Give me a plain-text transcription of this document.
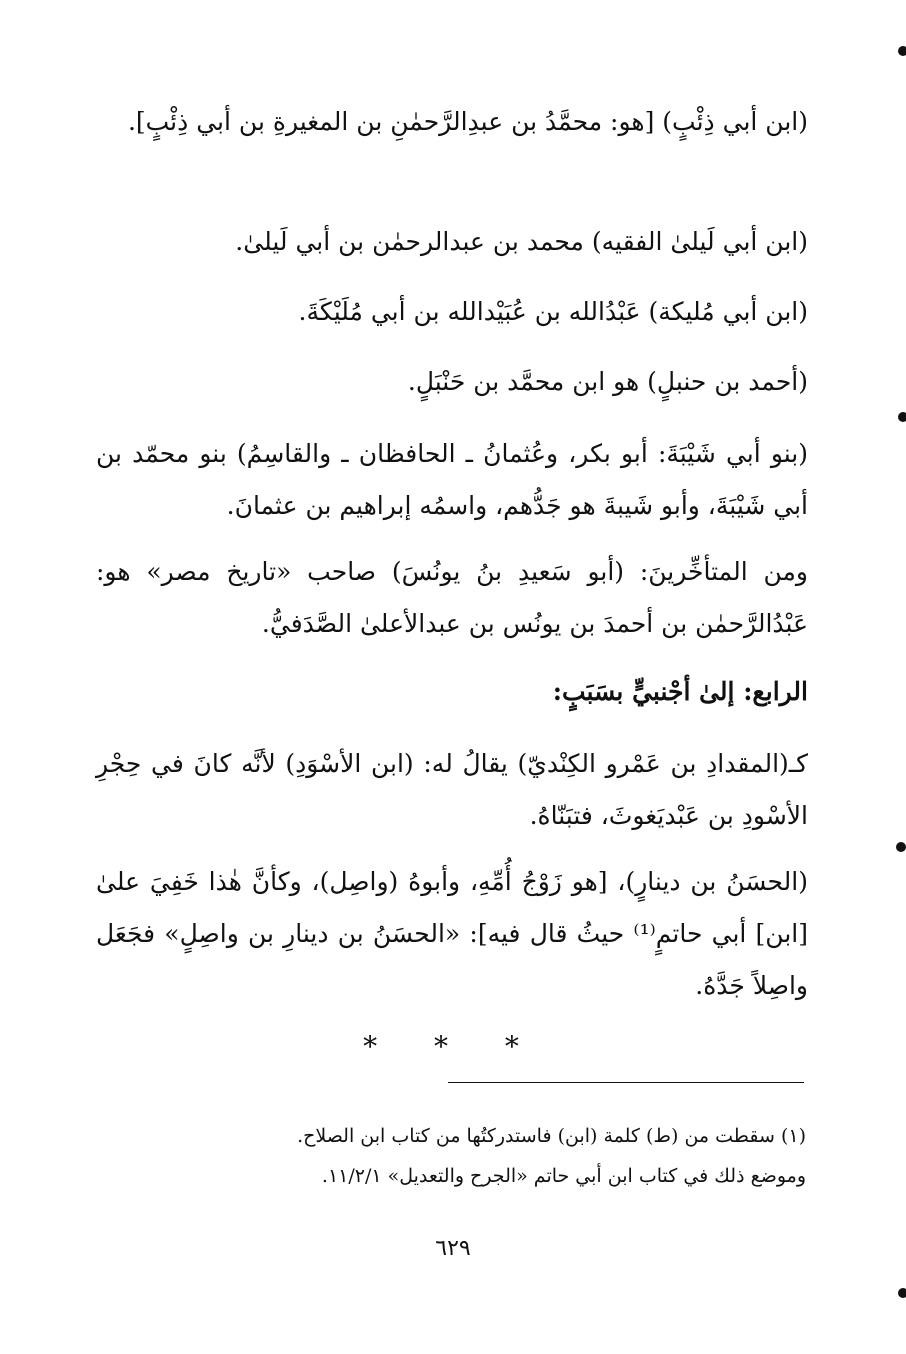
(ابن أبي ذِئْبٍ) [هو: محمَّدُ بن عبدِالرَّحمٰنِ بن المغيرةِ بن أبي ذِئْبٍ].

(ابن أبي لَيلىٰ الفقيه) محمد بن عبدالرحمٰن بن أبي لَيلىٰ.

(ابن أبي مُليكة) عَبْدُالله بن عُبَيْدالله بن أبي مُلَيْكَةَ.

(أحمد بن حنبلٍ) هو ابن محمَّد بن حَنْبَلٍ.

(بنو أبي شَيْبَةَ: أبو بكر، وعُثمانُ ـ الحافظان ـ والقاسِمُ) بنو محمّد بن أبي شَيْبَةَ، وأبو شَيبةَ هو جَدُّهم، واسمُه إبراهيم بن عثمانَ.

ومن المتأخِّرينَ: (أبو سَعيدِ بنُ يونُسَ) صاحب «تاريخ مصر» هو: عَبْدُالرَّحمٰن بن أحمدَ بن يونُس بن عبدالأعلىٰ الصَّدَفيُّ.

الرابع: إلىٰ أجْنبيٍّ بسَبَبٍ:

كـ(المقدادِ بن عَمْرو الكِنْديّ) يقالُ له: (ابن الأسْوَدِ) لأنَّه كانَ في حِجْرِ الأسْودِ بن عَبْديَغوثَ، فتبَنّاهُ.

(الحسَنُ بن دينارٍ)، [هو زَوْجُ أُمِّهِ، وأبوهُ (واصِل)، وكأنَّ هٰذا خَفِيَ علىٰ [ابن] أبي حاتمٍ⁽¹⁾ حيثُ قال فيه]: «الحسَنُ بن دينارِ بن واصِلٍ» فجَعَل واصِلاً جَدَّهُ.

* * *

(١) سقطت من (ط) كلمة (ابن) فاستدركتُها من كتاب ابن الصلاح.

وموضع ذلك في كتاب ابن أبي حاتم «الجرح والتعديل» ١١/٢/١.

٦٢٩
